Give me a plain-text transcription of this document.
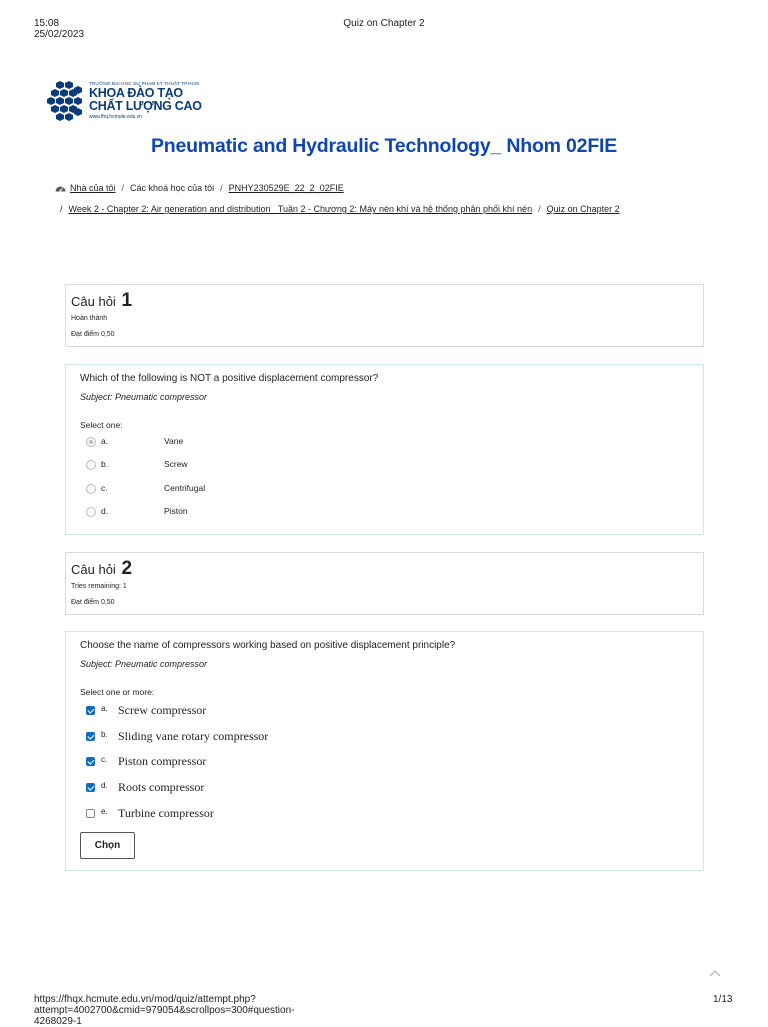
15:08 25/02/2023
Quiz on Chapter 2
TRƯỜNG ĐẠI HỌC SƯ PHẠM KỸ THUẬT TP.HCM
KHOA ĐÀO TẠO
CHẤT LƯỢNG CAO
www.fhq.hcmute.edu.vn
Pneumatic and Hydraulic Technology_ Nhom 02FIE
Nhà của tôi / Các khoá học của tôi / PNHY230529E_22_2_02FIE
/ Week 2 - Chapter 2: Air generation and distribution_ Tuần 2 - Chương 2: Máy nén khí và hệ thống phân phối khí nén / Quiz on Chapter 2
Câu hỏi 1
Hoàn thành
Đạt điểm 0,50
Which of the following is NOT a positive displacement compressor?
Subject: Pneumatic compressor
Select one:
a.	Vane
b.	Screw
c.	Centrifugal
d.	Piston
Câu hỏi 2
Tries remaining: 1
Đạt điểm 0,50
Choose the name of compressors working based on positive displacement principle?
Subject: Pneumatic compressor
Select one or more:
a. Screw compressor
b. Sliding vane rotary compressor
c. Piston compressor
d. Roots compressor
e. Turbine compressor
Chọn
https://fhqx.hcmute.edu.vn/mod/quiz/attempt.php?attempt=4002700&cmid=979054&scrollpos=300#question-4268029-1
1/13
